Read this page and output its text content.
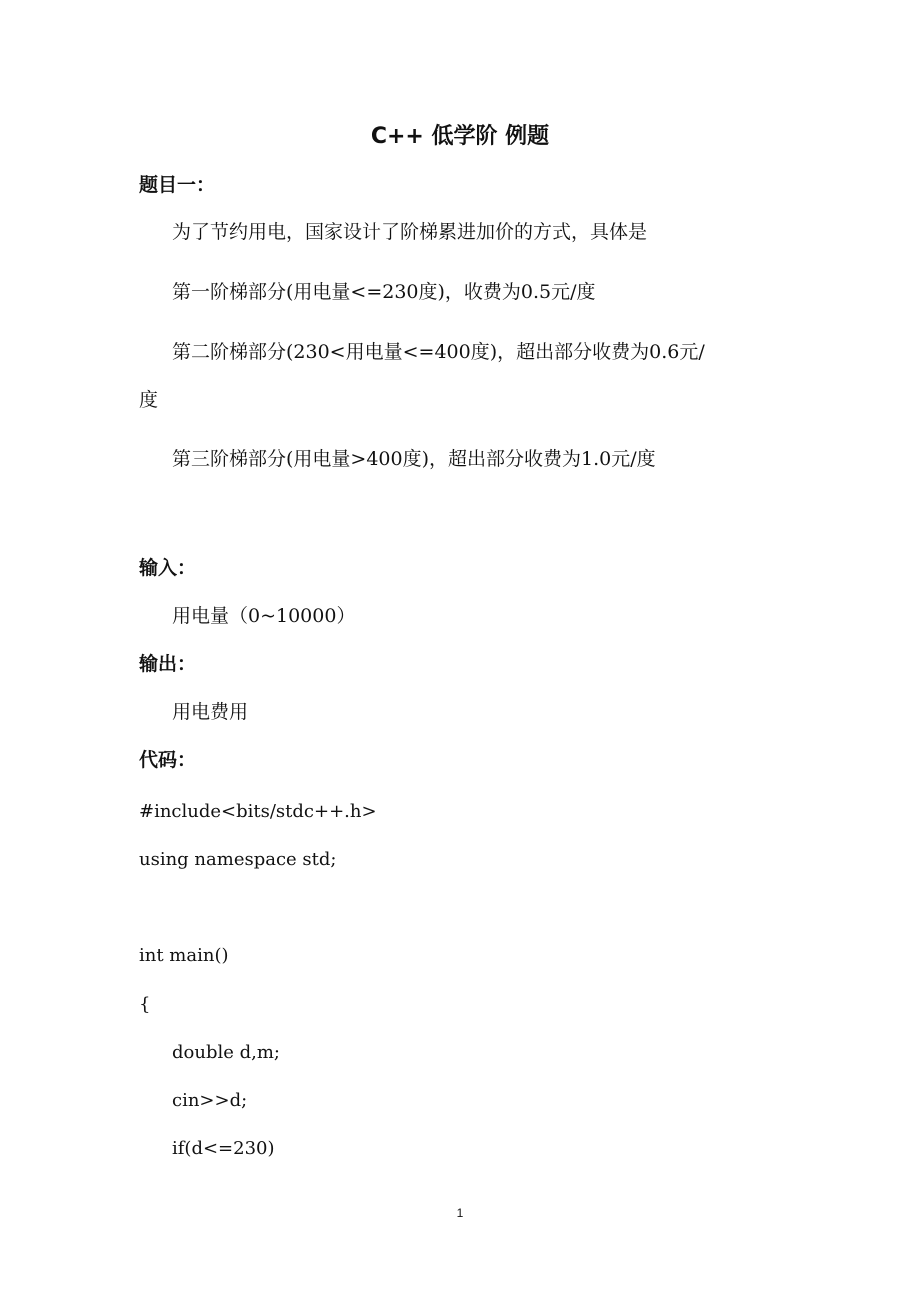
C++ 低学阶 例题
题目一：
为了节约用电，国家设计了阶梯累进加价的方式，具体是
第一阶梯部分(用电量<=230度)，收费为0.5元/度
第二阶梯部分(230<用电量<=400度)，超出部分收费为0.6元/
度
第三阶梯部分(用电量>400度)，超出部分收费为1.0元/度
输入：
用电量（0~10000）
输出：
用电费用
代码：
#include<bits/stdc++.h>
using namespace std;
int main()
{
double d,m;
cin>>d;
if(d<=230)
1
